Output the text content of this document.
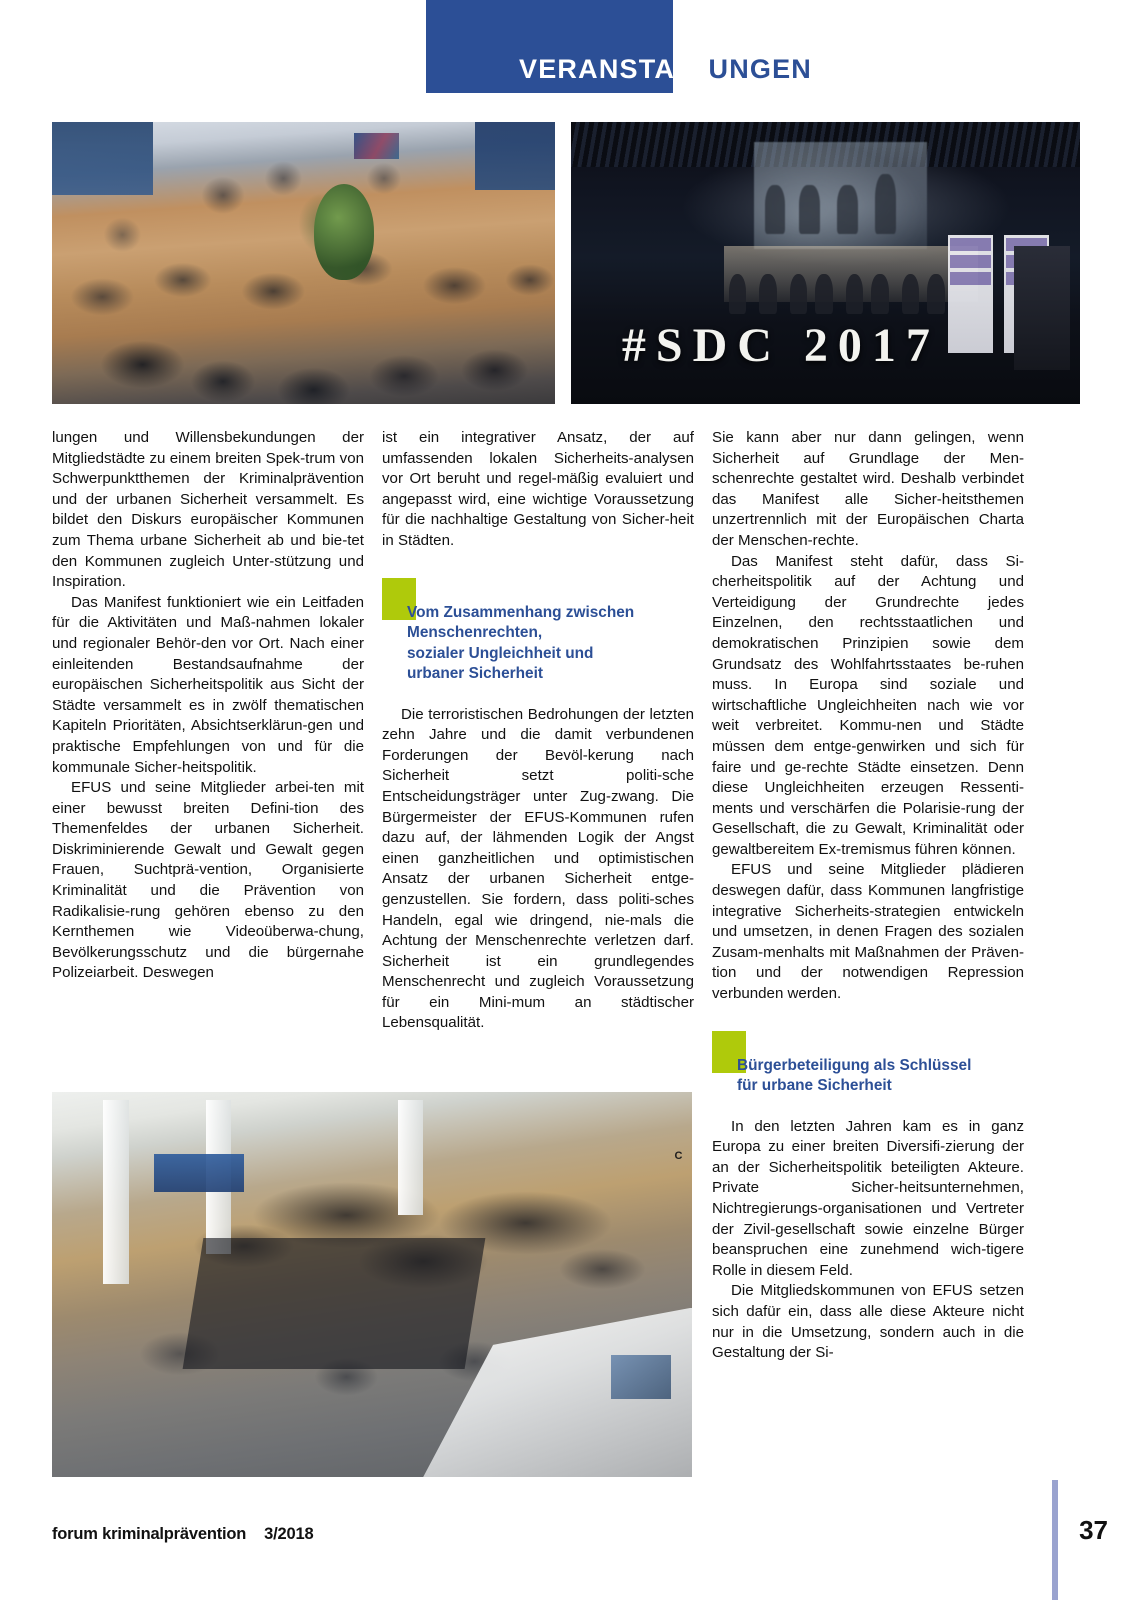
VERANSTALTUNGEN
#SDC 2017

lungen und Willensbekundungen der Mitgliedstädte zu einem breiten Spek-trum von Schwerpunktthemen der Kriminalprävention und der urbanen Sicherheit versammelt. Es bildet den Diskurs europäischer Kommunen zum Thema urbane Sicherheit ab und bie-tet den Kommunen zugleich Unter-stützung und Inspiration.

Das Manifest funktioniert wie ein Leitfaden für die Aktivitäten und Maß-nahmen lokaler und regionaler Behör-den vor Ort. Nach einer einleitenden Bestandsaufnahme der europäischen Sicherheitspolitik aus Sicht der Städte versammelt es in zwölf thematischen Kapiteln Prioritäten, Absichtserklärun-gen und praktische Empfehlungen von und für die kommunale Sicher-heitspolitik.

EFUS und seine Mitglieder arbei-ten mit einer bewusst breiten Defini-tion des Themenfeldes der urbanen Sicherheit. Diskriminierende Gewalt und Gewalt gegen Frauen, Suchtprä-vention, Organisierte Kriminalität und die Prävention von Radikalisie-rung gehören ebenso zu den Kernthemen wie Videoüberwa-chung, Bevölkerungsschutz und die bürgernahe Polizeiarbeit. Deswegen

ist ein integrativer Ansatz, der auf umfassenden lokalen Sicherheits-analysen vor Ort beruht und regel-mäßig evaluiert und angepasst wird, eine wichtige Voraussetzung für die nachhaltige Gestaltung von Sicher-heit in Städten.

Vom Zusammenhang zwischen
Menschenrechten,
sozialer Ungleichheit und
urbaner Sicherheit

Die terroristischen Bedrohungen der letzten zehn Jahre und die damit verbundenen Forderungen der Bevöl-kerung nach Sicherheit setzt politi-sche Entscheidungsträger unter Zug-zwang. Die Bürgermeister der EFUS-Kommunen rufen dazu auf, der lähmenden Logik der Angst einen ganzheitlichen und optimistischen Ansatz der urbanen Sicherheit entge-genzustellen. Sie fordern, dass politi-sches Handeln, egal wie dringend, nie-mals die Achtung der Menschenrechte verletzen darf. Sicherheit ist ein grundlegendes Menschenrecht und zugleich Voraussetzung für ein Mini-mum an städtischer Lebensqualität.

Sie kann aber nur dann gelingen, wenn Sicherheit auf Grundlage der Men-schenrechte gestaltet wird. Deshalb verbindet das Manifest alle Sicher-heitsthemen unzertrennlich mit der Europäischen Charta der Menschen-rechte.

Das Manifest steht dafür, dass Si-cherheitspolitik auf der Achtung und Verteidigung der Grundrechte jedes Einzelnen, den rechtsstaatlichen und demokratischen Prinzipien sowie dem Grundsatz des Wohlfahrtsstaates be-ruhen muss. In Europa sind soziale und wirtschaftliche Ungleichheiten nach wie vor weit verbreitet. Kommu-nen und Städte müssen dem entge-genwirken und sich für faire und ge-rechte Städte einsetzen. Denn diese Ungleichheiten erzeugen Ressenti-ments und verschärfen die Polarisie-rung der Gesellschaft, die zu Gewalt, Kriminalität oder gewaltbereitem Ex-tremismus führen können.

EFUS und seine Mitglieder plädieren deswegen dafür, dass Kommunen langfristige integrative Sicherheits-strategien entwickeln und umsetzen, in denen Fragen des sozialen Zusam-menhalts mit Maßnahmen der Präven-tion und der notwendigen Repression verbunden werden.

Bürgerbeteiligung als Schlüssel
für urbane Sicherheit

In den letzten Jahren kam es in ganz Europa zu einer breiten Diversifi-zierung der an der Sicherheitspolitik beteiligten Akteure. Private Sicher-heitsunternehmen, Nichtregierungs-organisationen und Vertreter der Zivil-gesellschaft sowie einzelne Bürger beanspruchen eine zunehmend wich-tigere Rolle in diesem Feld.

Die Mitgliedskommunen von EFUS setzen sich dafür ein, dass alle diese Akteure nicht nur in die Umsetzung, sondern auch in die Gestaltung der Si-

C
forum kriminalprävention 3/2018	37
